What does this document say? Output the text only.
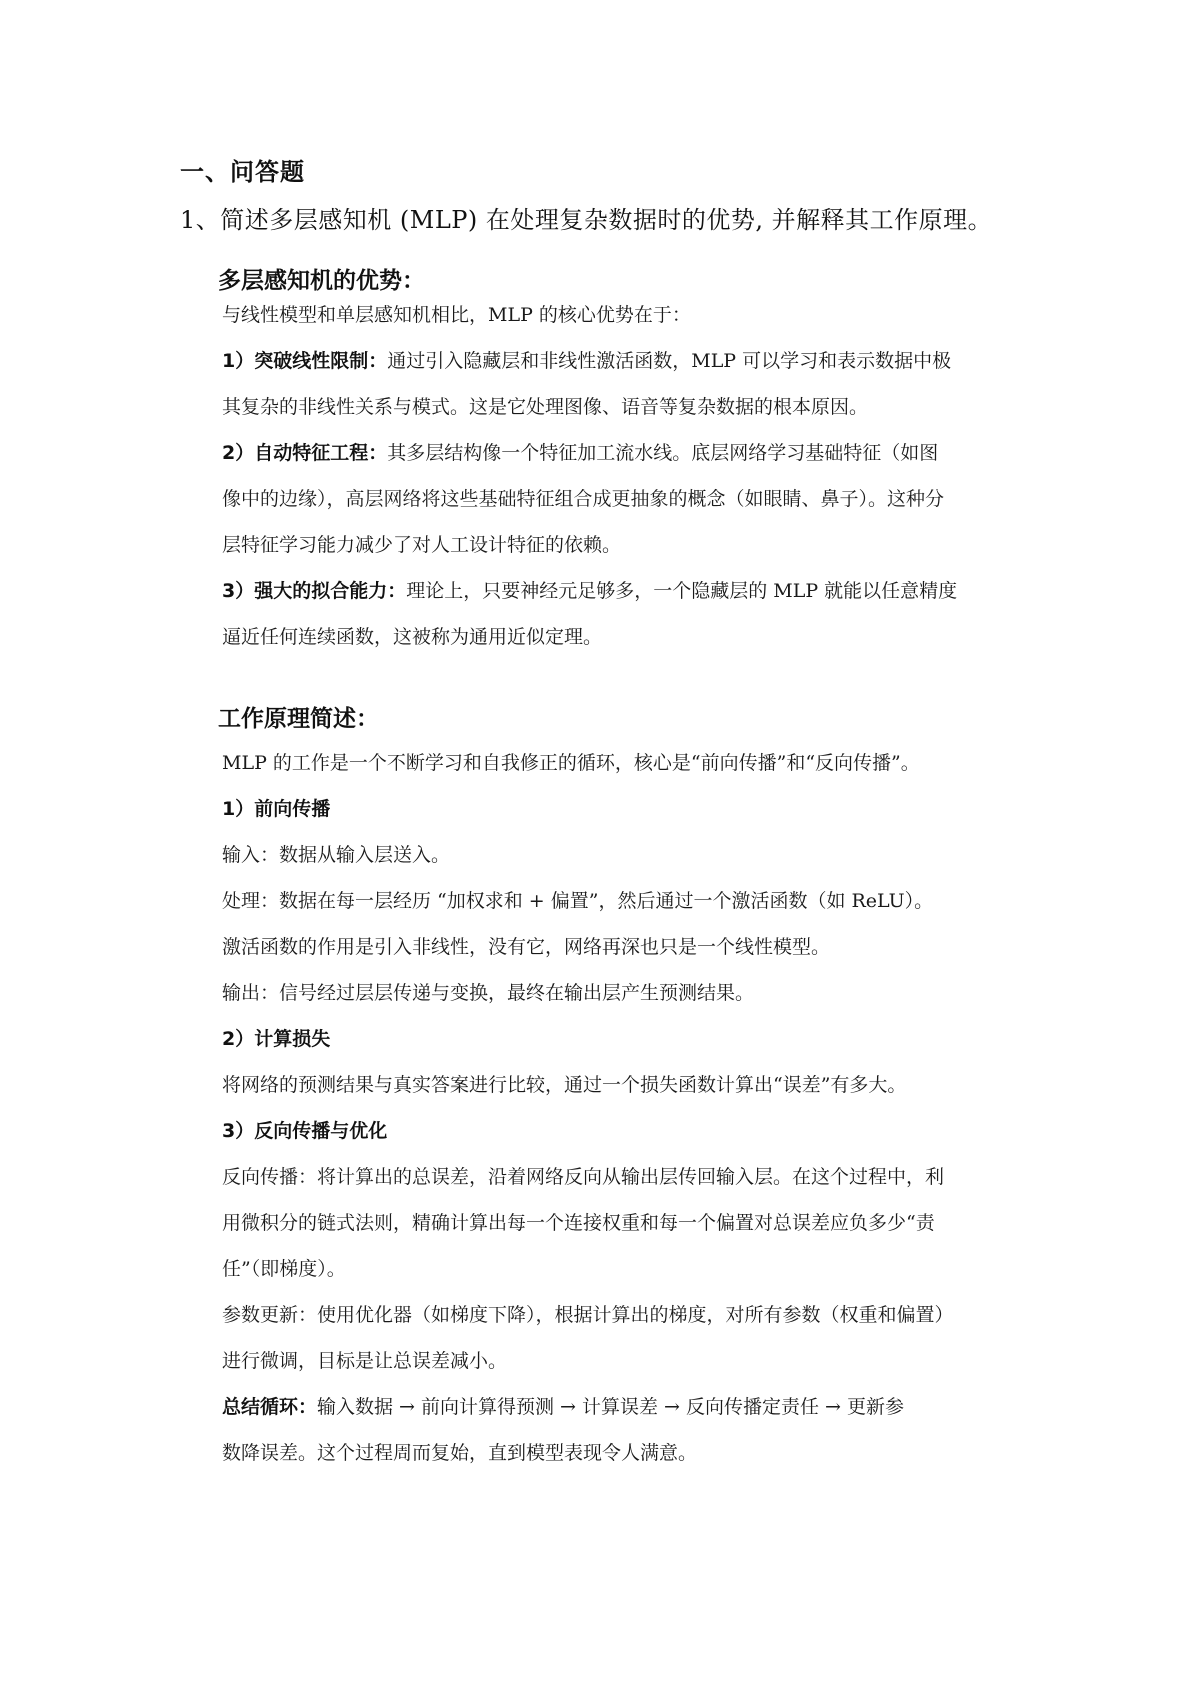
一、问答题
1、简述多层感知机 (MLP) 在处理复杂数据时的优势, 并解释其工作原理。
多层感知机的优势：
与线性模型和单层感知机相比，MLP 的核心优势在于：
1）突破线性限制：通过引入隐藏层和非线性激活函数，MLP 可以学习和表示数据中极
其复杂的非线性关系与模式。这是它处理图像、语音等复杂数据的根本原因。
2）自动特征工程：其多层结构像一个特征加工流水线。底层网络学习基础特征（如图
像中的边缘），高层网络将这些基础特征组合成更抽象的概念（如眼睛、鼻子）。这种分
层特征学习能力减少了对人工设计特征的依赖。
3）强大的拟合能力：理论上，只要神经元足够多，一个隐藏层的 MLP 就能以任意精度
逼近任何连续函数，这被称为通用近似定理。
工作原理简述：
MLP 的工作是一个不断学习和自我修正的循环，核心是“前向传播”和“反向传播”。
1）前向传播
输入：数据从输入层送入。
处理：数据在每一层经历 “加权求和 + 偏置”，然后通过一个激活函数（如 ReLU）。
激活函数的作用是引入非线性，没有它，网络再深也只是一个线性模型。
输出：信号经过层层传递与变换，最终在输出层产生预测结果。
2）计算损失
将网络的预测结果与真实答案进行比较，通过一个损失函数计算出“误差”有多大。
3）反向传播与优化
反向传播：将计算出的总误差，沿着网络反向从输出层传回输入层。在这个过程中，利
用微积分的链式法则，精确计算出每一个连接权重和每一个偏置对总误差应负多少“责
任”（即梯度）。
参数更新：使用优化器（如梯度下降），根据计算出的梯度，对所有参数（权重和偏置）
进行微调，目标是让总误差减小。
总结循环：输入数据 → 前向计算得预测 → 计算误差 → 反向传播定责任 → 更新参
数降误差。这个过程周而复始，直到模型表现令人满意。
